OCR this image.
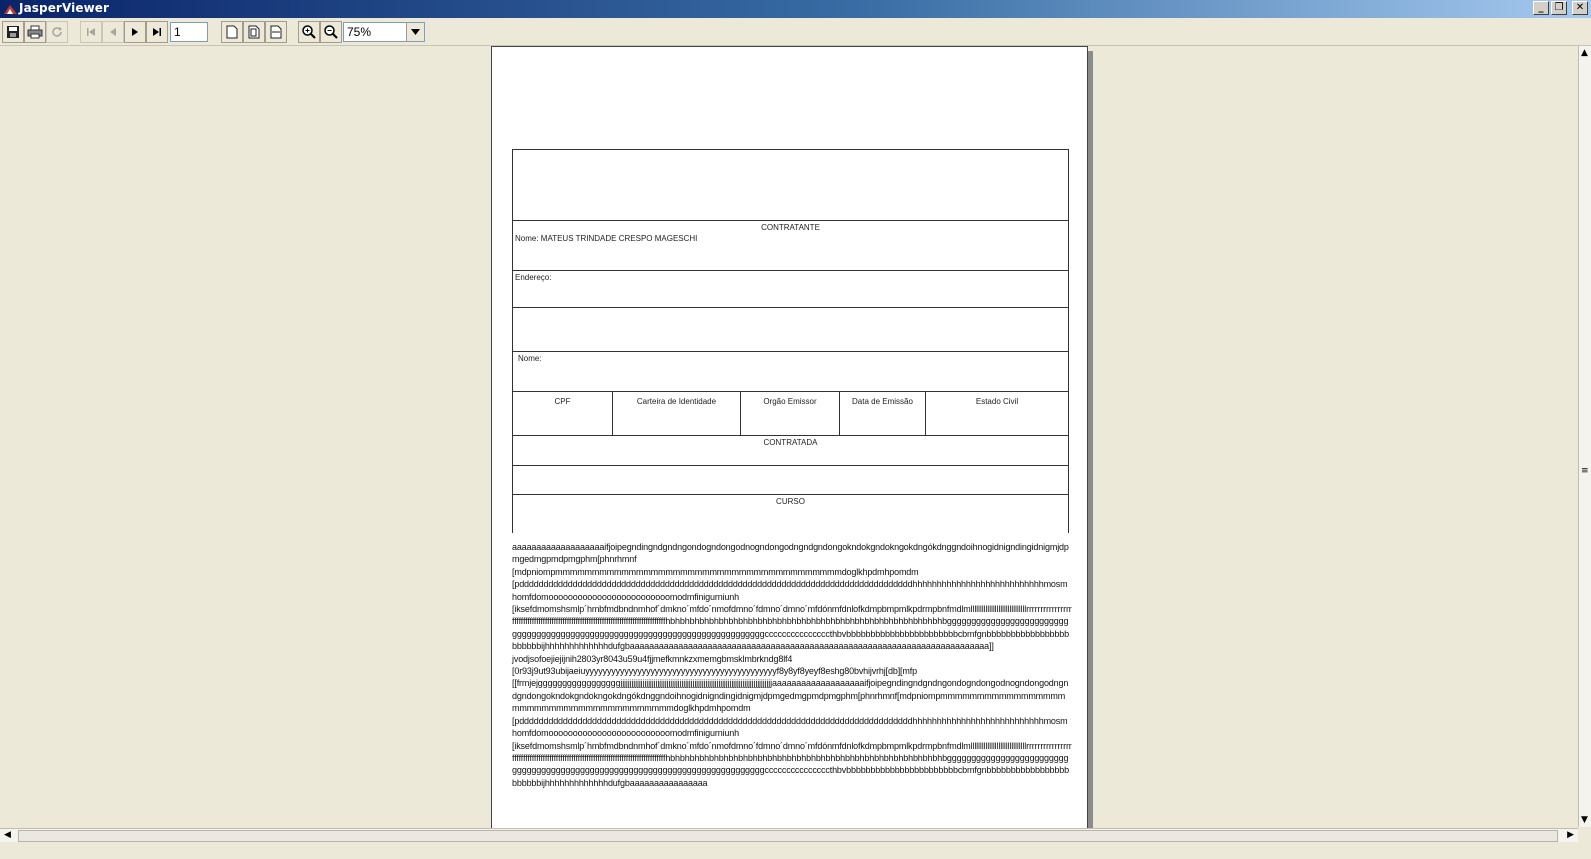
JasperViewer	_	❐	✕
1
75%
CONTRATANTE
Nome: MATEUS TRINDADE CRESPO MAGESCHI
Endereço:
Nome:
CPF	Carteira de Identidade	Orgão Emissor	Data de Emissão	Estado Civil
CONTRATADA
CURSO
aaaaaaaaaaaaaaaaaaaifjoipegndingndgndngondogndongodnogndongodngndgndongokndokgndokngokdngókdnggndoihnogidnigndingidnigmjdpmgedmgpmdpmgphm[phnrhmnf
[mdpniompmmmmmmmmmmmmmmmmmmmmmmmmmmmmmmmmmmmmmmmdoglkhpdmhpomdm
[pdddddddddddddddddddddddddddddddddddddddddddddddddddddddddddddddddddddddddddddddddhhhhhhhhhhhhhhhhhhhhhhhhhhhmosmhomfdomooooooooooooooooooooooooomodmfinigurniunh
[iksefdmomshsmlp´hmbfmdbndnmhof´dmkno´mfdo´nmofdmno´fdmno´dmno´mfdónmfdnlofkdmpbmpmlkpdrmpbnfmdlmllllllllllllllllllllllllllllllrrrrrrrrrrrrrrrrffffffffffffffffffffffffffffffffffffffffffffffffffffffffffffffffffffffhbhbhbhbhbhbhbhbhbhbhbhbhbhbhbhbhbhbhbhbhbhbhbhbhbhbhbhbhbgggggggggggggggggggggggggggggggggggggggggggggggggggggggggggggggggggggggggggggcccccccccccccccthbvbbbbbbbbbbbbbbbbbbbbbbbcbmfgnbbbbbbbbbbbbbbbbbbbbbbbijhhhhhhhhhhhhhdufgbaaaaaaaaaaaaaaaaaaaaaaaaaaaaaaaaaaaaaaaaaaaaaaaaaaaaaaaaaaaaaaaaaaaaaaaaaa]]
jvodjsofoejiejijnih2803yr8043u59u4fjjmefkmnkzxmemgbmsklmbrkndg8lf4
[0r93j9ut93ubijaeiuyyyyyyyyyyyyyyyyyyyyyyyyyyyyyyyyyyyyyyyyyyyyf8y8yf8yeyf8eshg80bvhijvrhj[db][mfp
[[frmjejgggggggggggggggggjjjjjjjjjjjjjjjjjjjjjjjjjjjjjjjjjjjjjjjjjjjjjjjjjjjjjjjjjjjjjjjjjjjjjjjjjjjjjjjjjjaaaaaaaaaaaaaaaaaaaifjoipegndingndgndngondogndongodnogndongodngndgndongokndokgndokngokdngókdnggndoihnogidnigndingidnigmjdpmgedmgpmdpmgphm[phnrhmnf[mdpniompmmmmmmmmmmmmmmmmmmmmmmmmmmmmmmmmmmmmmmmdoglkhpdmhpomdm
[pdddddddddddddddddddddddddddddddddddddddddddddddddddddddddddddddddddddddddddddddddhhhhhhhhhhhhhhhhhhhhhhhhhhhmosmhomfdomooooooooooooooooooooooooomodmfinigurniunh
[iksefdmomshsmlp´hmbfmdbndnmhof´dmkno´mfdo´nmofdmno´fdmno´dmno´mfdónmfdnlofkdmpbmpmlkpdrmpbnfmdlmllllllllllllllllllllllllllllllrrrrrrrrrrrrrrrrffffffffffffffffffffffffffffffffffffffffffffffffffffffffffffffffffffffhbhbhbhbhbhbhbhbhbhbhbhbhbhbhbhbhbhbhbhbhbhbhbhbhbhbhbhbhbgggggggggggggggggggggggggggggggggggggggggggggggggggggggggggggggggggggggggggggcccccccccccccccthbvbbbbbbbbbbbbbbbbbbbbbbbcbmfgnbbbbbbbbbbbbbbbbbbbbbbbijhhhhhhhhhhhhhdufgbaaaaaaaaaaaaaaaa
▲
≡
▼
◀	▶
